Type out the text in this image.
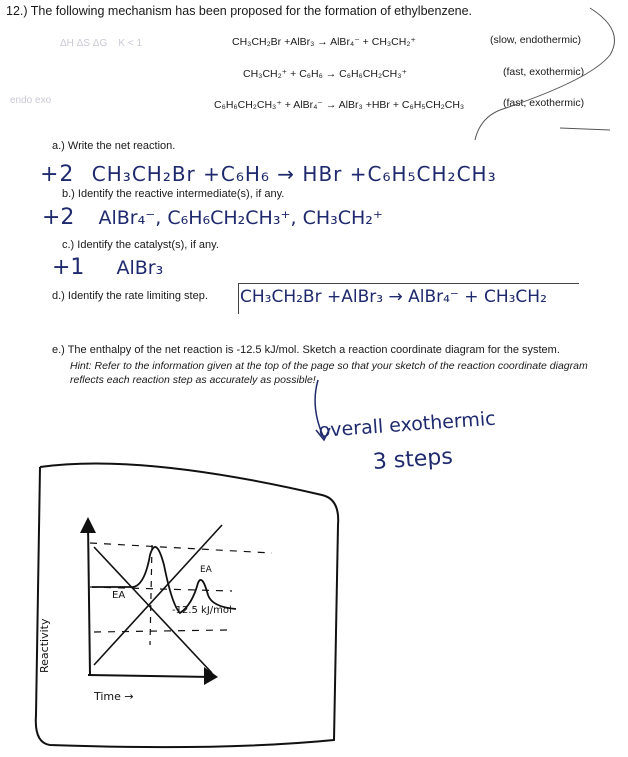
12.) The following mechanism has been proposed for the formation of ethylbenzene.
ΔH ΔS ΔG    K < 1
endo exo
CH₃CH₂Br +AlBr₃ → AlBr₄⁻ + CH₃CH₂⁺	(slow, endothermic)
CH₃CH₂⁺ + C₆H₆ → C₆H₆CH₂CH₃⁺	(fast, exothermic)
C₆H₆CH₂CH₃⁺ + AlBr₄⁻ → AlBr₃ +HBr + C₆H₅CH₂CH₃	(fast, exothermic)
a.) Write the net reaction.
+2 CH₃CH₂Br +C₆H₆ → HBr +C₆H₅CH₂CH₃
b.) Identify the reactive intermediate(s), if any.
+2 AlBr₄⁻, C₆H₆CH₂CH₃⁺, CH₃CH₂⁺
c.) Identify the catalyst(s), if any.
+1 AlBr₃
d.) Identify the rate limiting step. CH₃CH₂Br +AlBr₃ → AlBr₄⁻ + CH₃CH₂
e.) The enthalpy of the net reaction is -12.5 kJ/mol. Sketch a reaction coordinate diagram for the system.
Hint: Refer to the information given at the top of the page so that your sketch of the reaction coordinate diagram reflects each reaction step as accurately as possible!
overall exothermic
3 steps
EA
EA
-12.5 kJ/mol
Reactivity
Time →
